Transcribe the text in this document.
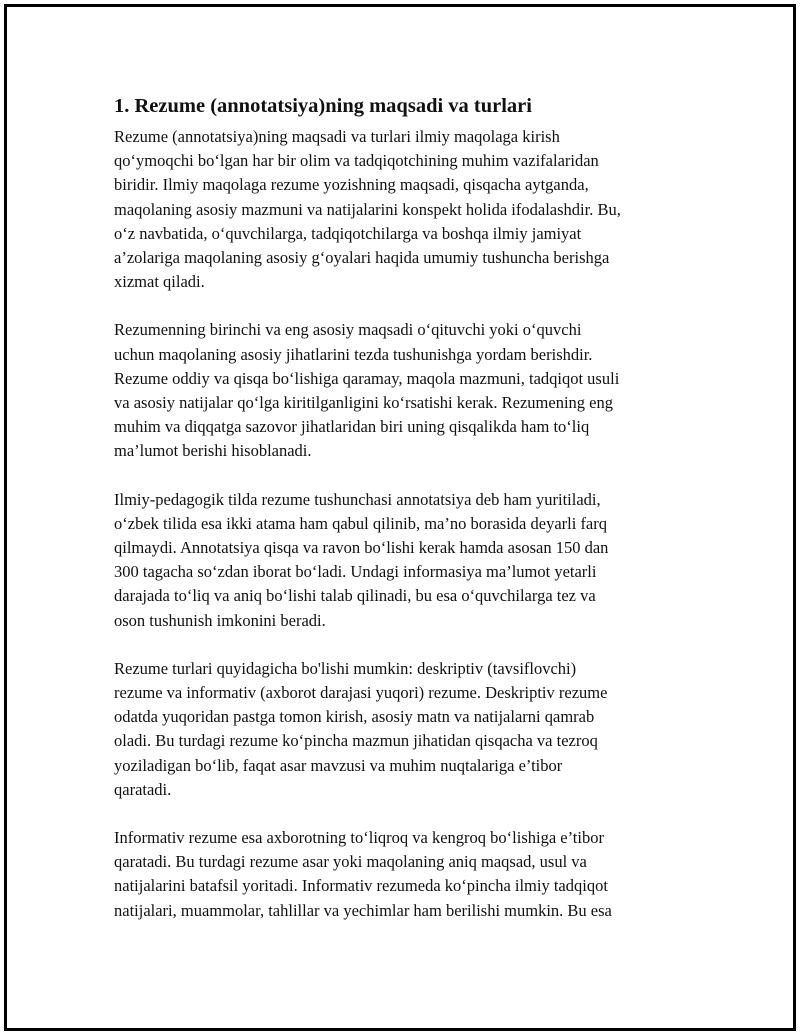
1. Rezume (annotatsiya)ning maqsadi va turlari

Rezume (annotatsiya)ning maqsadi va turlari ilmiy maqolaga kirish
qo‘ymoqchi bo‘lgan har bir olim va tadqiqotchining muhim vazifalaridan
biridir. Ilmiy maqolaga rezume yozishning maqsadi, qisqacha aytganda,
maqolaning asosiy mazmuni va natijalarini konspekt holida ifodalashdir. Bu,
o‘z navbatida, o‘quvchilarga, tadqiqotchilarga va boshqa ilmiy jamiyat
a’zolariga maqolaning asosiy g‘oyalari haqida umumiy tushuncha berishga
xizmat qiladi.

Rezumenning birinchi va eng asosiy maqsadi o‘qituvchi yoki o‘quvchi
uchun maqolaning asosiy jihatlarini tezda tushunishga yordam berishdir.
Rezume oddiy va qisqa bo‘lishiga qaramay, maqola mazmuni, tadqiqot usuli
va asosiy natijalar qo‘lga kiritilganligini ko‘rsatishi kerak. Rezumening eng
muhim va diqqatga sazovor jihatlaridan biri uning qisqalikda ham to‘liq
ma’lumot berishi hisoblanadi.

Ilmiy-pedagogik tilda rezume tushunchasi annotatsiya deb ham yuritiladi,
o‘zbek tilida esa ikki atama ham qabul qilinib, ma’no borasida deyarli farq
qilmaydi. Annotatsiya qisqa va ravon bo‘lishi kerak hamda asosan 150 dan
300 tagacha so‘zdan iborat bo‘ladi. Undagi informasiya ma’lumot yetarli
darajada to‘liq va aniq bo‘lishi talab qilinadi, bu esa o‘quvchilarga tez va
oson tushunish imkonini beradi.

Rezume turlari quyidagicha bo'lishi mumkin: deskriptiv (tavsiflovchi)
rezume va informativ (axborot darajasi yuqori) rezume. Deskriptiv rezume
odatda yuqoridan pastga tomon kirish, asosiy matn va natijalarni qamrab
oladi. Bu turdagi rezume ko‘pincha mazmun jihatidan qisqacha va tezroq
yoziladigan bo‘lib, faqat asar mavzusi va muhim nuqtalariga e’tibor
qaratadi.

Informativ rezume esa axborotning to‘liqroq va kengroq bo‘lishiga e’tibor
qaratadi. Bu turdagi rezume asar yoki maqolaning aniq maqsad, usul va
natijalarini batafsil yoritadi. Informativ rezumeda ko‘pincha ilmiy tadqiqot
natijalari, muammolar, tahlillar va yechimlar ham berilishi mumkin. Bu esa
